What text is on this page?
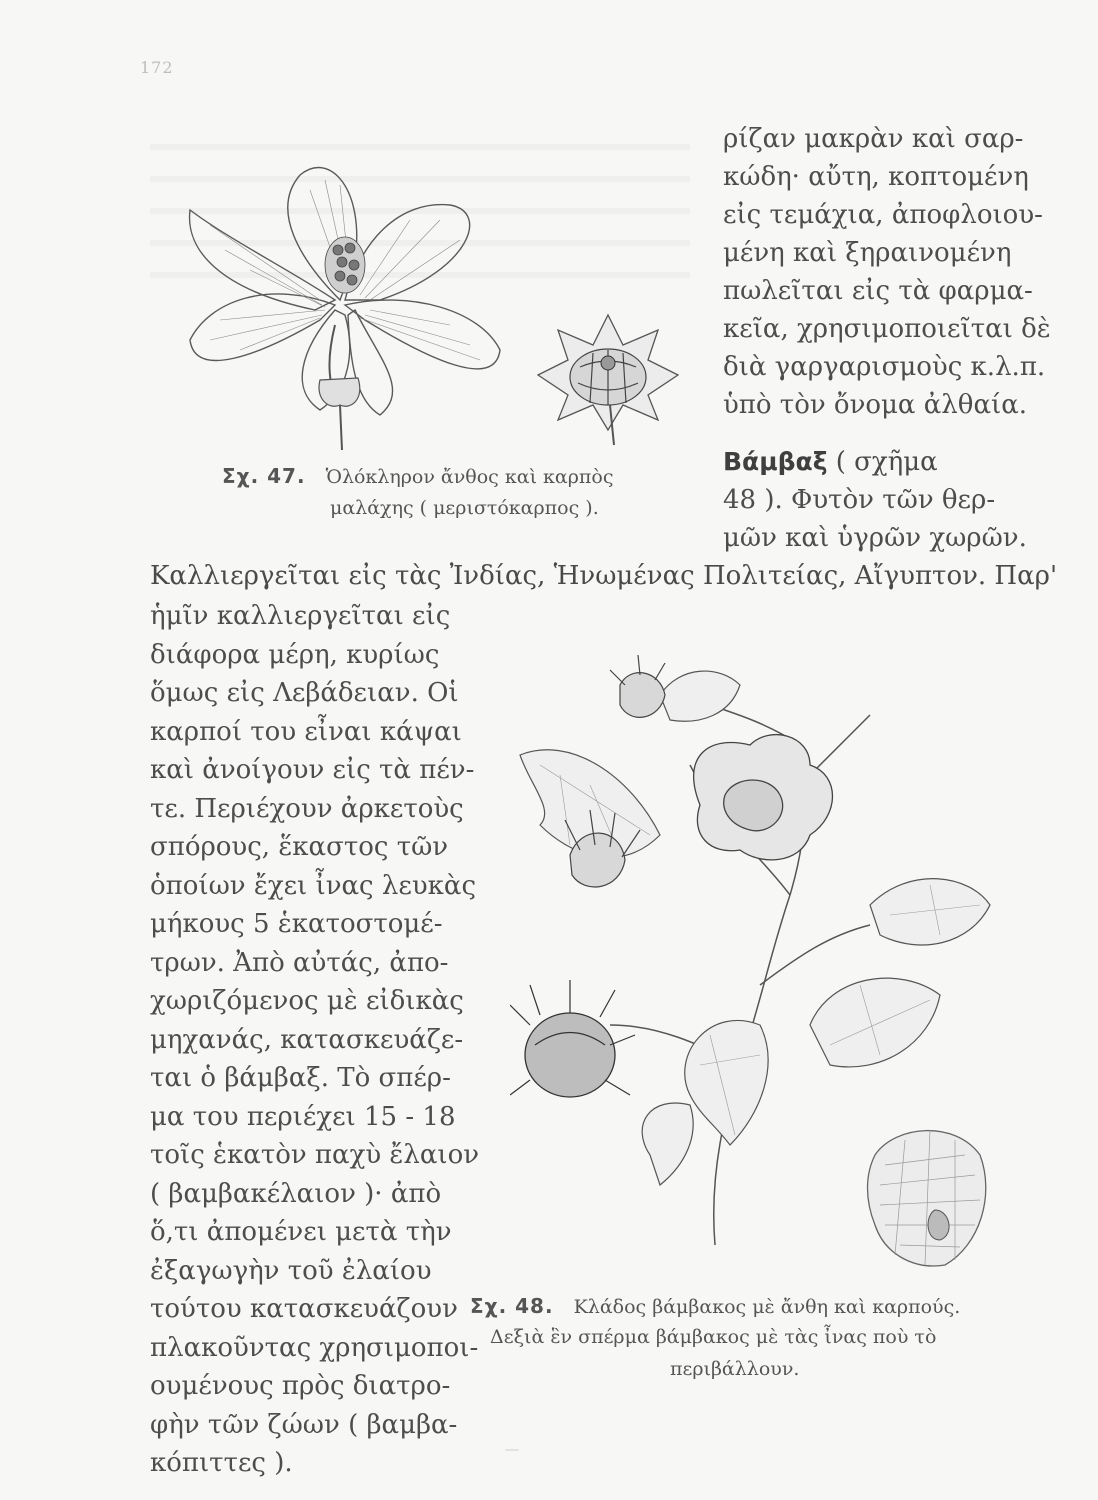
172
ρίζαν μακρὰν καὶ σαρ-
κώδη· αὔτη, κοπτομένη
εἰς τεμάχια, ἀποφλοιου-
μένη καὶ ξηραινομένη
πωλεῖται εἰς τὰ φαρμα-
κεῖα, χρησιμοποιεῖται δὲ
διὰ γαργαρισμοὺς κ.λ.π.
ὑπὸ τὸν ὄνομα ἀλθαία.
Σχ. 47. Ὁλόκληρον ἄνθος καὶ καρπὸς
μαλάχης ( μεριστόκαρπος ).
Βάμβαξ ( σχῆμα
48 ). Φυτὸν τῶν θερ-
μῶν καὶ ὑγρῶν χωρῶν.
Καλλιεργεῖται εἰς τὰς Ἰνδίας, Ἡνωμένας Πολιτείας, Αἴγυπτον. Παρ'
ἡμῖν καλλιεργεῖται εἰς
διάφορα μέρη, κυρίως
ὅμως εἰς Λεβάδειαν. Οἱ
καρποί του εἶναι κάψαι
καὶ ἀνοίγουν εἰς τὰ πέν-
τε. Περιέχουν ἀρκετοὺς
σπόρους, ἕκαστος τῶν
ὁποίων ἔχει ἶνας λευκὰς
μήκους 5 ἑκατοστομέ-
τρων. Ἀπὸ αὐτάς, ἀπο-
χωριζόμενος μὲ εἰδικὰς
μηχανάς, κατασκευάζε-
ται ὁ βάμβαξ. Τὸ σπέρ-
μα του περιέχει 15 - 18
τοῖς ἑκατὸν παχὺ ἔλαιον
( βαμβακέλαιον )· ἀπὸ
ὅ,τι ἀπομένει μετὰ τὴν
ἐξαγωγὴν τοῦ ἐλαίου
τούτου κατασκευάζουν
πλακοῦντας χρησιμοποι-
ουμένους πρὸς διατρο-
φὴν τῶν ζώων ( βαμβα-
κόπιττες ).
Σχ. 48. Κλάδος βάμβακος μὲ ἄνθη καὶ καρπούς.
Δεξιὰ ἓν σπέρμα βάμβακος μὲ τὰς ἶνας ποὺ τὸ
περιβάλλουν.
—
